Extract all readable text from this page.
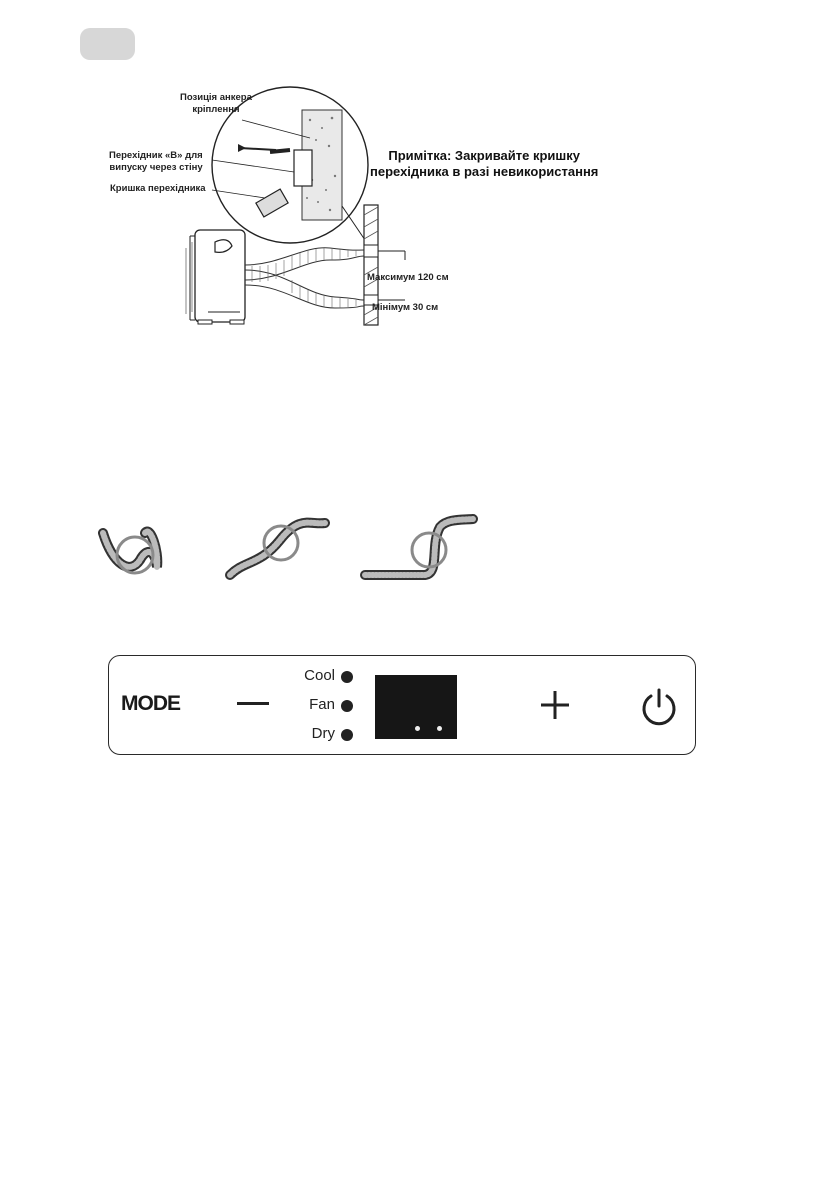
Позиція анкера
кріплення
Перехідник «В» для
випуску через стіну
Кришка перехідника
Максимум 120 см
Мінімум 30 см
Примітка: Закривайте кришку
перехідника в разі невикористання
MODE
Cool
Fan
Dry
